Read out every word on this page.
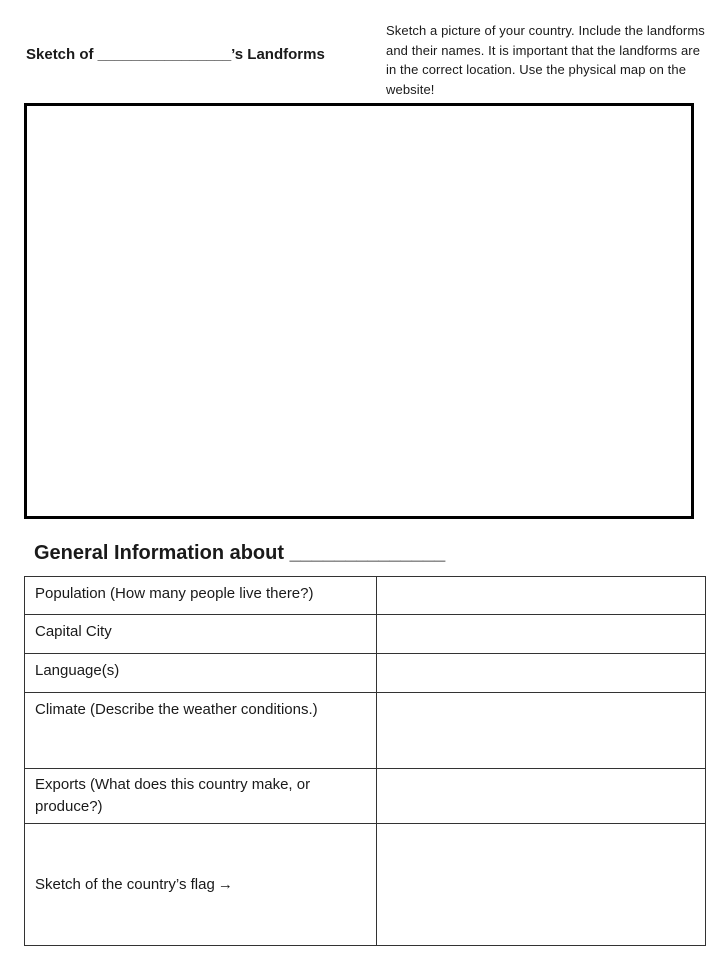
Sketch of ________________’s Landforms
Sketch a picture of your country. Include the landforms and their names. It is important that the landforms are in the correct location. Use the physical map on the website!
General Information about ______________
Population (How many people live there?)	
Capital City	
Language(s)	
Climate (Describe the weather conditions.)	
Exports (What does this country make, or produce?)	
Sketch of the country’s flag →	
